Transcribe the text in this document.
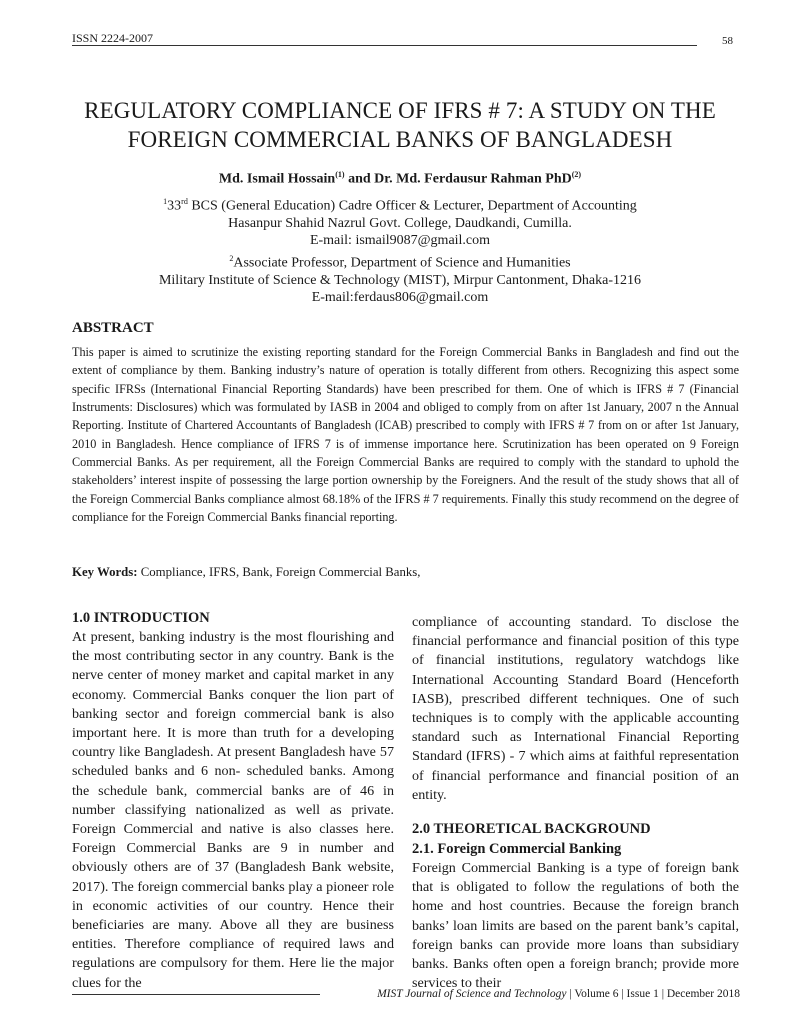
ISSN 2224-2007	58
REGULATORY COMPLIANCE OF IFRS # 7: A STUDY ON THE
FOREIGN COMMERCIAL BANKS OF BANGLADESH
Md. Ismail Hossain$^{(1)}$ and Dr. Md. Ferdausur Rahman PhD$^{(2)}$
$^1$33rd BCS (General Education) Cadre Officer & Lecturer, Department of Accounting
Hasanpur Shahid Nazrul Govt. College, Daudkandi, Cumilla.
E-mail: ismail9087@gmail.com
$^2$Associate Professor, Department of Science and Humanities
Military Institute of Science & Technology (MIST), Mirpur Cantonment, Dhaka-1216
E-mail:ferdaus806@gmail.com
ABSTRACT
This paper is aimed to scrutinize the existing reporting standard for the Foreign Commercial Banks in Bangladesh and find out the extent of compliance by them. Banking industry’s nature of operation is totally different from others. Recognizing this aspect some specific IFRSs (International Financial Reporting Standards) have been prescribed for them. One of which is IFRS # 7 (Financial Instruments: Disclosures) which was formulated by IASB in 2004 and obliged to comply from on after 1st January, 2007 n the Annual Reporting. Institute of Chartered Accountants of Bangladesh (ICAB) prescribed to comply with IFRS # 7 from on or after 1st January, 2010 in Bangladesh. Hence compliance of IFRS 7 is of immense importance here. Scrutinization has been operated on 9 Foreign Commercial Banks. As per requirement, all the Foreign Commercial Banks are required to comply with the standard to uphold the stakeholders’ interest inspite of possessing the large portion ownership by the Foreigners. And the result of the study shows that all of the Foreign Commercial Banks compliance almost 68.18% of the IFRS # 7 requirements. Finally this study recommend on the degree of compliance for the Foreign Commercial Banks financial reporting.
Key Words: Compliance, IFRS, Bank, Foreign Commercial Banks,
1.0 INTRODUCTION

At present, banking industry is the most flourishing and the most contributing sector in any country. Bank is the nerve center of money market and capital market in any economy. Commercial Banks conquer the lion part of banking sector and foreign commercial bank is also important here. It is more than truth for a developing country like Bangladesh. At present Bangladesh have 57 scheduled banks and 6 non- scheduled banks. Among the schedule bank, commercial banks are of 46 in number classifying nationalized as well as private. Foreign Commercial and native is also classes here. Foreign Commercial Banks are 9 in number and obviously others are of 37 (Bangladesh Bank website, 2017). The foreign commercial banks play a pioneer role in economic activities of our country. Hence their beneficiaries are many. Above all they are business entities. Therefore compliance of required laws and regulations are compulsory for them. Here lie the major clues for the

compliance of accounting standard. To disclose the financial performance and financial position of this type of financial institutions, regulatory watchdogs like International Accounting Standard Board (Henceforth IASB), prescribed different techniques. One of such techniques is to comply with the applicable accounting standard such as International Financial Reporting Standard (IFRS) - 7 which aims at faithful representation of financial performance and financial position of an entity.

2.0 THEORETICAL BACKGROUND
2.1. Foreign Commercial Banking

Foreign Commercial Banking is a type of foreign bank that is obligated to follow the regulations of both the home and host countries. Because the foreign branch banks’ loan limits are based on the parent bank’s capital, foreign banks can provide more loans than subsidiary banks. Banks often open a foreign branch; provide more services to their

MIST Journal of Science and Technology | Volume 6 | Issue 1 | December 2018
